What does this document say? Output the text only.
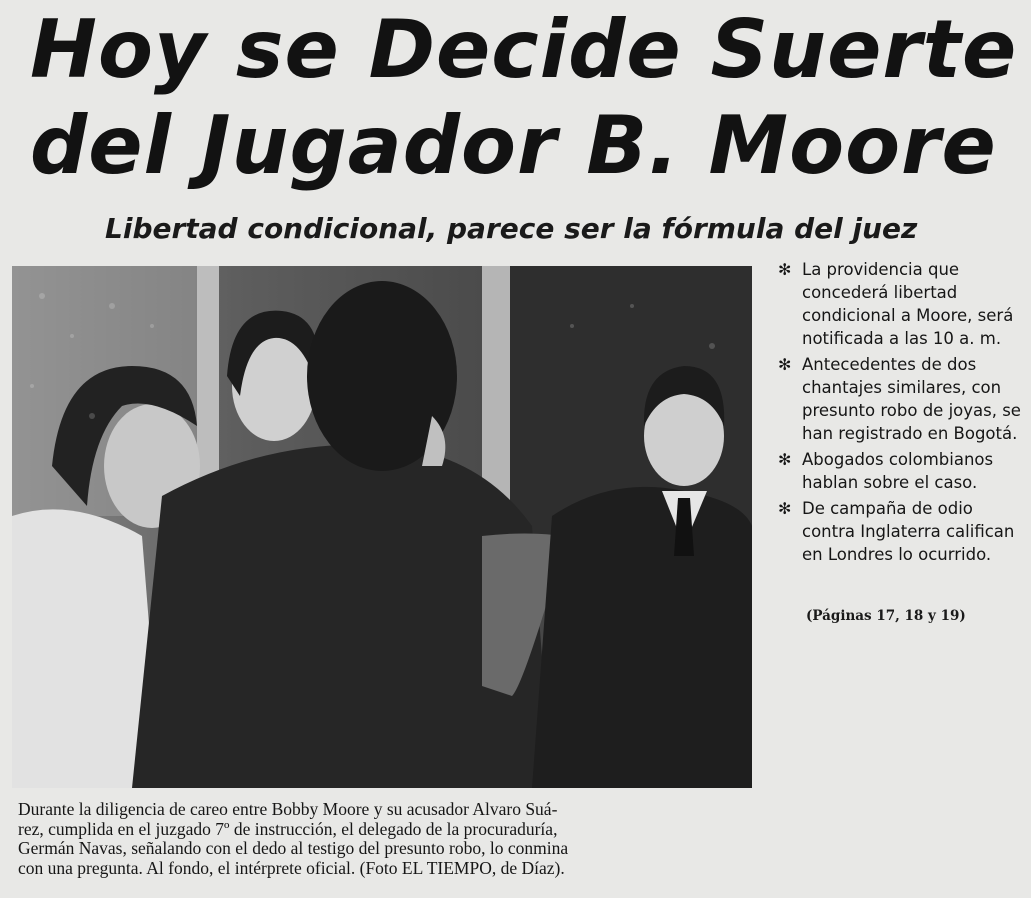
Hoy se Decide Suerte
del Jugador B. Moore
Libertad condicional, parece ser la fórmula del juez
✻ La providencia que concederá libertad condicional a Moore, será notificada a las 10 a. m.
✻ Antecedentes de dos chantajes similares, con presunto robo de joyas, se han registrado en Bogotá.
✻ Abogados colombianos hablan sobre el caso.
✻ De campaña de odio contra Inglaterra califican en Londres lo ocurrido.
(Páginas 17, 18 y 19)

Durante la diligencia de careo entre Bobby Moore y su acusador Alvaro Suá-
rez, cumplida en el juzgado 7º de instrucción, el delegado de la procuraduría,
Germán Navas, señalando con el dedo al testigo del presunto robo, lo conmina
con una pregunta. Al fondo, el intérprete oficial. (Foto EL TIEMPO, de Díaz).
